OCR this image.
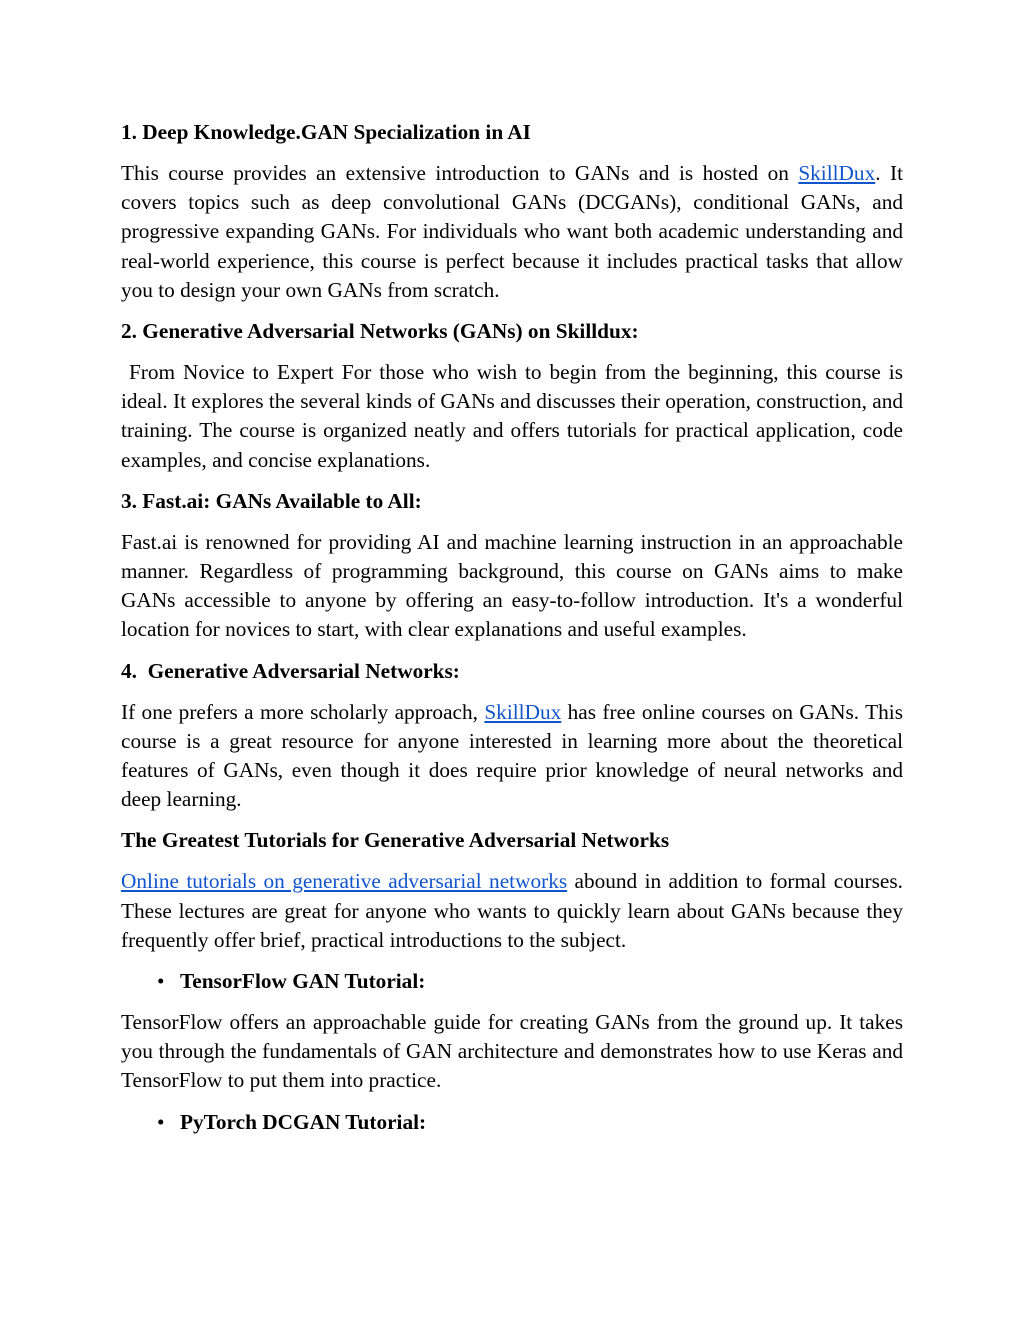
1. Deep Knowledge.GAN Specialization in AI

This course provides an extensive introduction to GANs and is hosted on SkillDux. It covers topics such as deep convolutional GANs (DCGANs), conditional GANs, and progressive expanding GANs. For individuals who want both academic understanding and real-world experience, this course is perfect because it includes practical tasks that allow you to design your own GANs from scratch.

2. Generative Adversarial Networks (GANs) on Skilldux:

From Novice to Expert For those who wish to begin from the beginning, this course is ideal. It explores the several kinds of GANs and discusses their operation, construction, and training. The course is organized neatly and offers tutorials for practical application, code examples, and concise explanations.

3. Fast.ai: GANs Available to All:

Fast.ai is renowned for providing AI and machine learning instruction in an approachable manner. Regardless of programming background, this course on GANs aims to make GANs accessible to anyone by offering an easy-to-follow introduction. It's a wonderful location for novices to start, with clear explanations and useful examples.

4.  Generative Adversarial Networks:

If one prefers a more scholarly approach, SkillDux has free online courses on GANs. This course is a great resource for anyone interested in learning more about the theoretical features of GANs, even though it does require prior knowledge of neural networks and deep learning.

The Greatest Tutorials for Generative Adversarial Networks

Online tutorials on generative adversarial networks abound in addition to formal courses. These lectures are great for anyone who wants to quickly learn about GANs because they frequently offer brief, practical introductions to the subject.

• TensorFlow GAN Tutorial:

TensorFlow offers an approachable guide for creating GANs from the ground up. It takes you through the fundamentals of GAN architecture and demonstrates how to use Keras and TensorFlow to put them into practice.

• PyTorch DCGAN Tutorial:
